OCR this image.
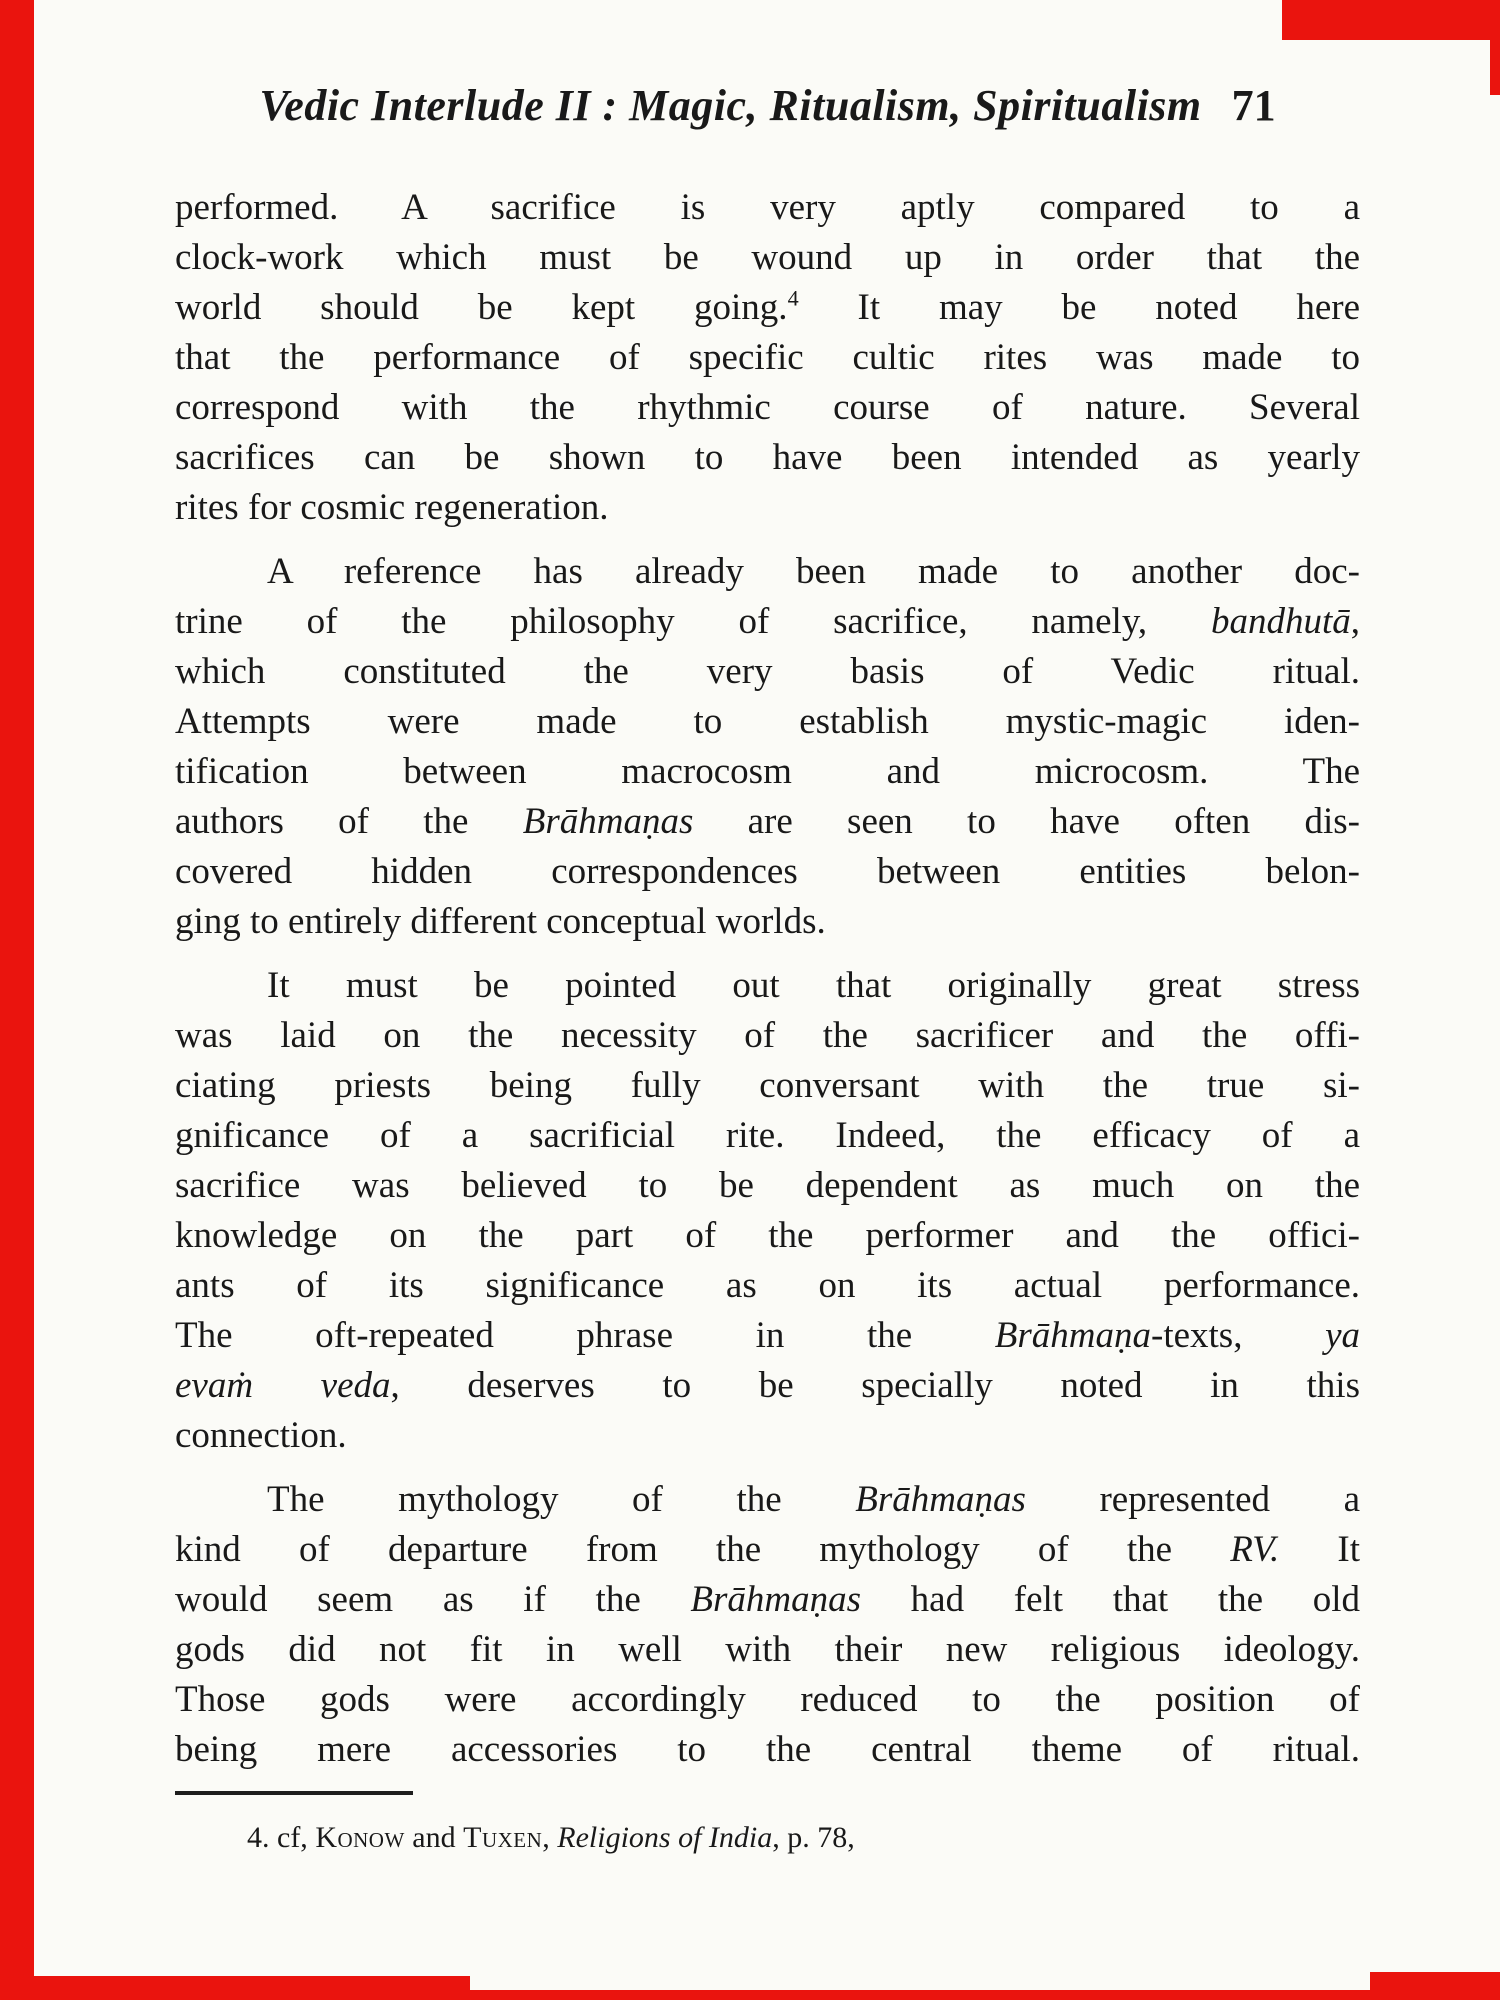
Vedic Interlude II : Magic, Ritualism, Spiritualism 71
performed. A sacrifice is very aptly compared to a
clock-work which must be wound up in order that the
world should be kept going.$^4$ It may be noted here
that the performance of specific cultic rites was made to
correspond with the rhythmic course of nature. Several
sacrifices can be shown to have been intended as yearly
rites for cosmic regeneration.
A reference has already been made to another doc-
trine of the philosophy of sacrifice, namely, bandhutā,
which constituted the very basis of Vedic ritual.
Attempts were made to establish mystic-magic iden-
tification between macrocosm and microcosm. The
authors of the Brāhmaṇas are seen to have often dis-
covered hidden correspondences between entities belon-
ging to entirely different conceptual worlds.
It must be pointed out that originally great stress
was laid on the necessity of the sacrificer and the offi-
ciating priests being fully conversant with the true si-
gnificance of a sacrificial rite. Indeed, the efficacy of a
sacrifice was believed to be dependent as much on the
knowledge on the part of the performer and the offici-
ants of its significance as on its actual performance.
The oft-repeated phrase in the Brāhmaṇa-texts, ya
evaṁ veda, deserves to be specially noted in this
connection.
The mythology of the Brāhmaṇas represented a
kind of departure from the mythology of the RV. It
would seem as if the Brāhmaṇas had felt that the old
gods did not fit in well with their new religious ideology.
Those gods were accordingly reduced to the position of
being mere accessories to the central theme of ritual.
4. cf, Konow and Tuxen, Religions of India, p. 78,
